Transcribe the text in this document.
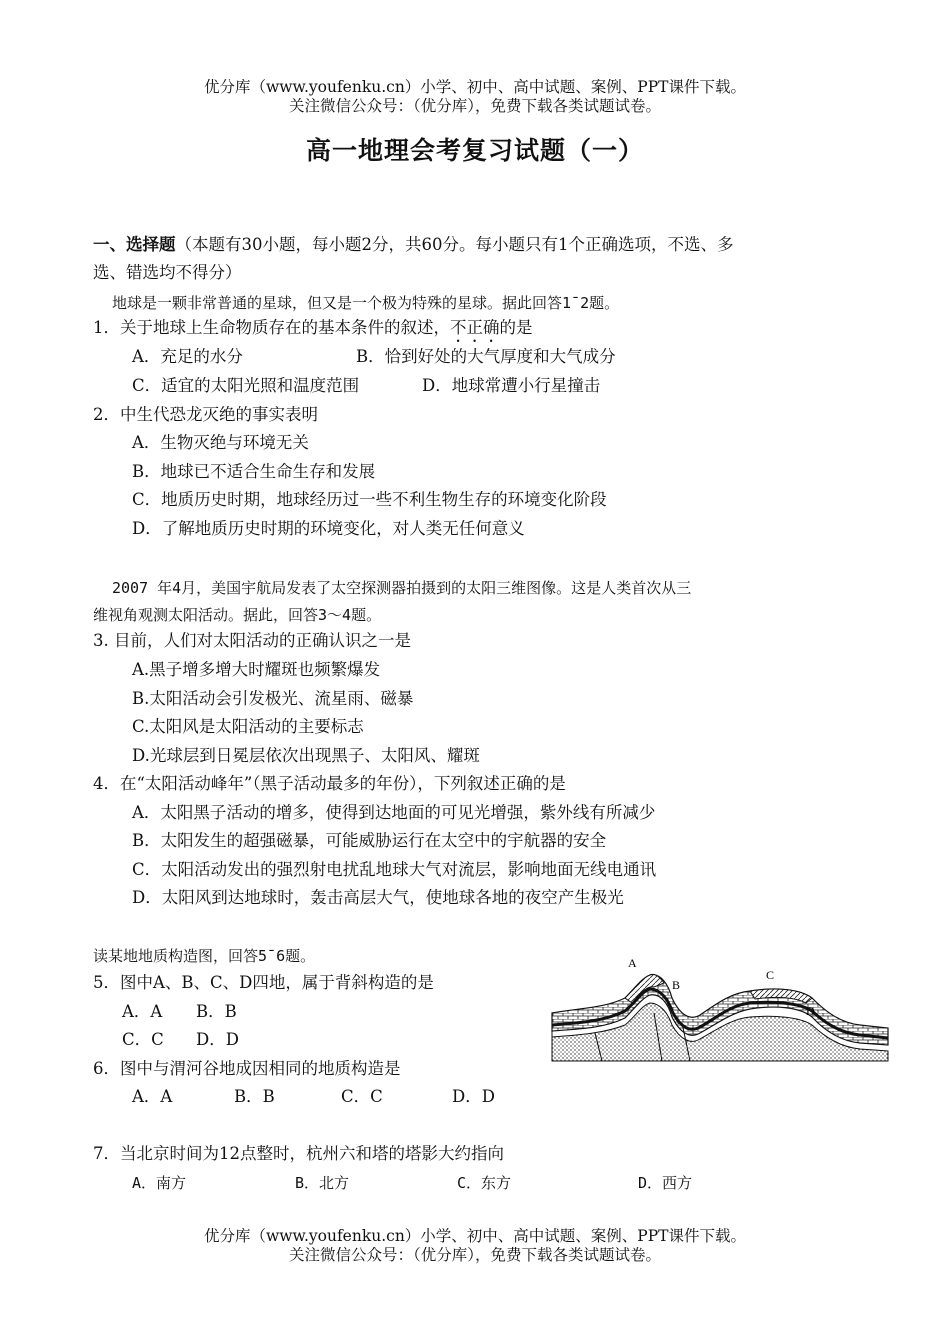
优分库（www.youfenku.cn）小学、初中、高中试题、案例、PPT课件下载。
关注微信公众号：（优分库），免费下载各类试题试卷。
高一地理会考复习试题（一）
一、选择题（本题有30小题，每小题2分，共60分。每小题只有1个正确选项，不选、多
选、错选均不得分）
地球是一颗非常普通的星球，但又是一个极为特殊的星球。据此回答1¯2题。
1．关于地球上生命物质存在的基本条件的叙述，不正确的是
A．充足的水分	B．恰到好处的大气厚度和大气成分
C．适宜的太阳光照和温度范围	D．地球常遭小行星撞击
2．中生代恐龙灭绝的事实表明
A．生物灭绝与环境无关
B．地球已不适合生命生存和发展
C．地质历史时期，地球经历过一些不利生物生存的环境变化阶段
D．了解地质历史时期的环境变化，对人类无任何意义
2007 年4月，美国宇航局发表了太空探测器拍摄到的太阳三维图像。这是人类首次从三
维视角观测太阳活动。据此，回答3～4题。
3. 目前，人们对太阳活动的正确认识之一是
A.黑子增多增大时耀斑也频繁爆发
B.太阳活动会引发极光、流星雨、磁暴
C.太阳风是太阳活动的主要标志
D.光球层到日冕层依次出现黑子、太阳风、耀斑
4．在“太阳活动峰年”（黑子活动最多的年份），下列叙述正确的是
A．太阳黑子活动的增多，使得到达地面的可见光增强，紫外线有所减少
B．太阳发生的超强磁暴，可能威胁运行在太空中的宇航器的安全
C．太阳活动发出的强烈射电扰乱地球大气对流层，影响地面无线电通讯
D．太阳风到达地球时，轰击高层大气，使地球各地的夜空产生极光
读某地地质构造图，回答5¯6题。
5．图中A、B、C、D四地，属于背斜构造的是
A．A B．B
C．C D．D
6．图中与渭河谷地成因相同的地质构造是
A．A	B．B	C．C	D．D
7．当北京时间为12点整时，杭州六和塔的塔影大约指向
A．南方	B．北方	C．东方	D．西方
优分库（www.youfenku.cn）小学、初中、高中试题、案例、PPT课件下载。
关注微信公众号：（优分库），免费下载各类试题试卷。
A
B
C
D
